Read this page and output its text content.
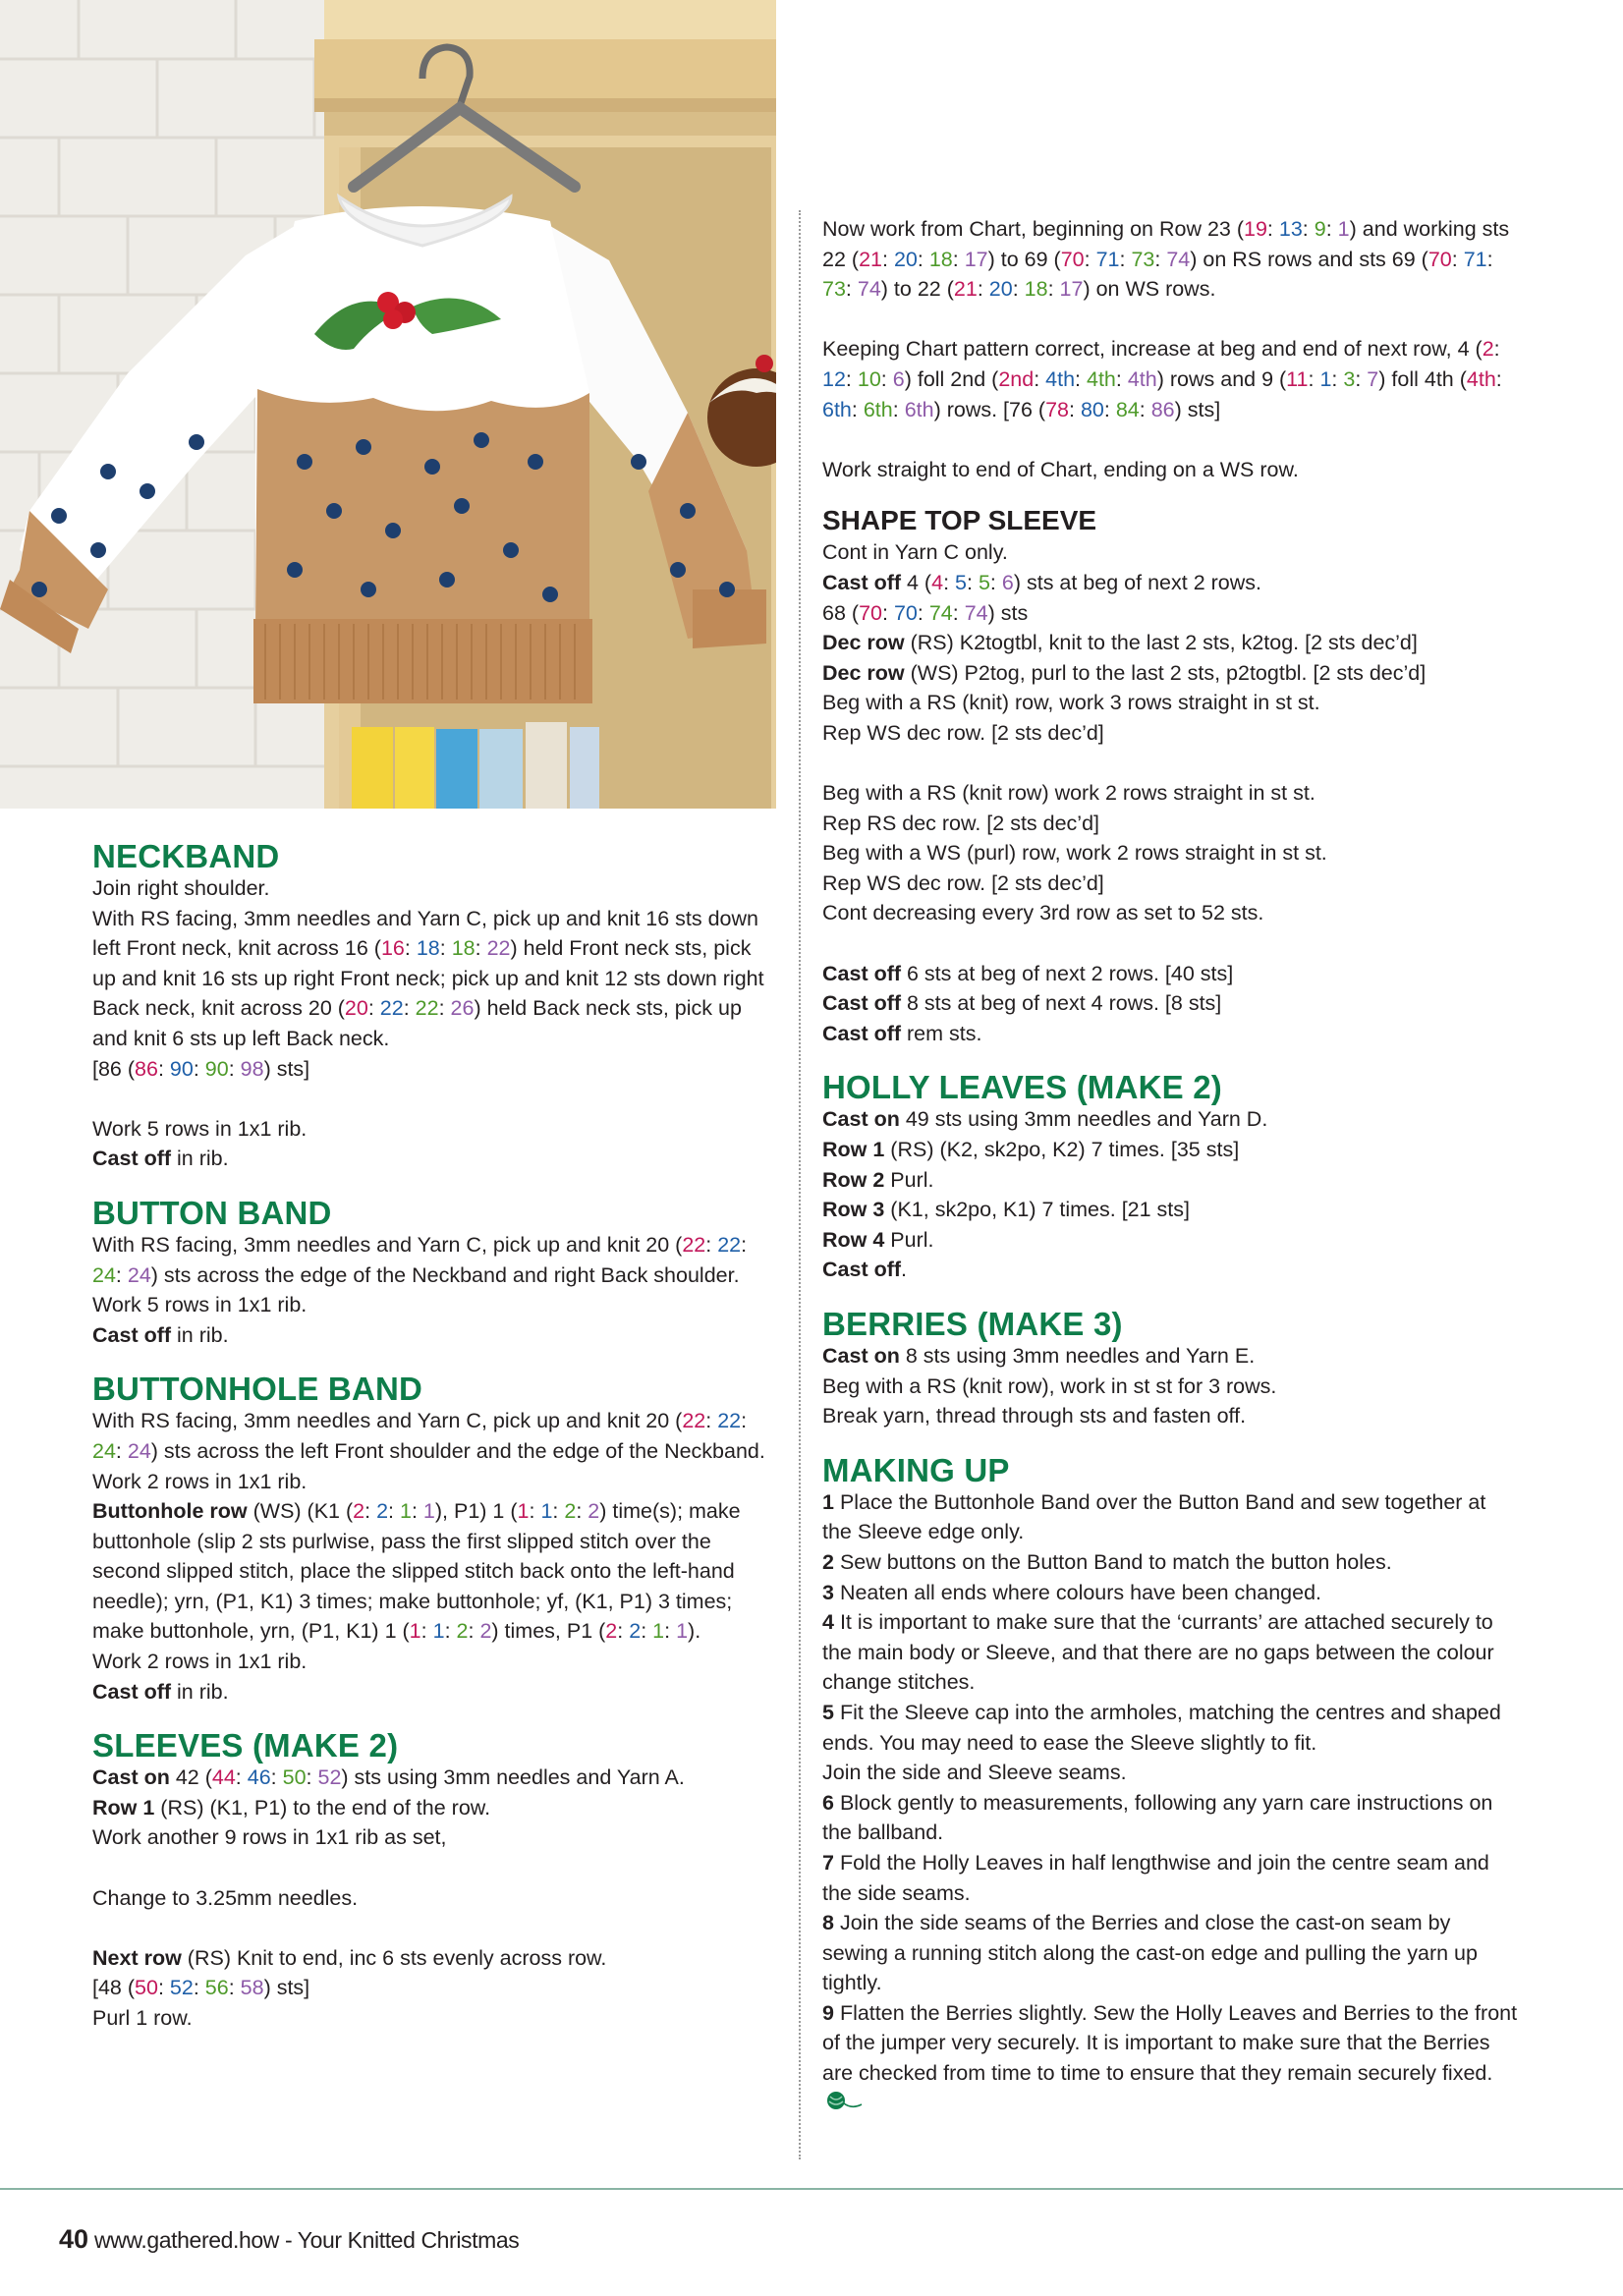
NECKBAND

Join right shoulder.

With RS facing, 3mm needles and Yarn C, pick up and knit 16 sts down left Front neck, knit across 16 (16: 18: 18: 22) held Front neck sts, pick up and knit 16 sts up right Front neck; pick up and knit 12 sts down right Back neck, knit across 20 (20: 22: 22: 26) held Back neck sts, pick up and knit 6 sts up left Back neck.

[86 (86: 90: 90: 98) sts]

Work 5 rows in 1x1 rib.

Cast off in rib.

BUTTON BAND

With RS facing, 3mm needles and Yarn C, pick up and knit 20 (22: 22: 24: 24) sts across the edge of the Neckband and right Back shoulder.

Work 5 rows in 1x1 rib.

Cast off in rib.

BUTTONHOLE BAND

With RS facing, 3mm needles and Yarn C, pick up and knit 20 (22: 22: 24: 24) sts across the left Front shoulder and the edge of the Neckband.

Work 2 rows in 1x1 rib.

Buttonhole row (WS) (K1 (2: 2: 1: 1), P1) 1 (1: 1: 2: 2) time(s); make buttonhole (slip 2 sts purlwise, pass the first slipped stitch over the second slipped stitch, place the slipped stitch back onto the left-hand needle); yrn, (P1, K1) 3 times; make buttonhole; yf, (K1, P1) 3 times; make buttonhole, yrn, (P1, K1) 1 (1: 1: 2: 2) times, P1 (2: 2: 1: 1).

Work 2 rows in 1x1 rib.

Cast off in rib.

SLEEVES (MAKE 2)

Cast on 42 (44: 46: 50: 52) sts using 3mm needles and Yarn A.

Row 1 (RS) (K1, P1) to the end of the row.

Work another 9 rows in 1x1 rib as set,

Change to 3.25mm needles.

Next row (RS) Knit to end, inc 6 sts evenly across row.

[48 (50: 52: 56: 58) sts]

Purl 1 row.

Now work from Chart, beginning on Row 23 (19: 13: 9: 1) and working sts 22 (21: 20: 18: 17) to 69 (70: 71: 73: 74) on RS rows and sts 69 (70: 71: 73: 74) to 22 (21: 20: 18: 17) on WS rows.

Keeping Chart pattern correct, increase at beg and end of next row, 4 (2: 12: 10: 6) foll 2nd (2nd: 4th: 4th: 4th) rows and 9 (11: 1: 3: 7) foll 4th (4th: 6th: 6th: 6th) rows. [76 (78: 80: 84: 86) sts]

Work straight to end of Chart, ending on a WS row.

SHAPE TOP SLEEVE

Cont in Yarn C only.

Cast off 4 (4: 5: 5: 6) sts at beg of next 2 rows.

68 (70: 70: 74: 74) sts

Dec row (RS) K2togtbl, knit to the last 2 sts, k2tog. [2 sts dec’d]

Dec row (WS) P2tog, purl to the last 2 sts, p2togtbl. [2 sts dec’d]

Beg with a RS (knit) row, work 3 rows straight in st st.

Rep WS dec row. [2 sts dec’d]

Beg with a RS (knit row) work 2 rows straight in st st.

Rep RS dec row. [2 sts dec’d]

Beg with a WS (purl) row, work 2 rows straight in st st.

Rep WS dec row. [2 sts dec’d]

Cont decreasing every 3rd row as set to 52 sts.

Cast off 6 sts at beg of next 2 rows. [40 sts]

Cast off 8 sts at beg of next 4 rows. [8 sts]

Cast off rem sts.

HOLLY LEAVES (MAKE 2)

Cast on 49 sts using 3mm needles and Yarn D.

Row 1 (RS) (K2, sk2po, K2) 7 times. [35 sts]

Row 2 Purl.

Row 3 (K1, sk2po, K1) 7 times. [21 sts]

Row 4 Purl.

Cast off.

BERRIES (MAKE 3)

Cast on 8 sts using 3mm needles and Yarn E.

Beg with a RS (knit row), work in st st for 3 rows.

Break yarn, thread through sts and fasten off.

MAKING UP

1 Place the Buttonhole Band over the Button Band and sew together at the Sleeve edge only.

2 Sew buttons on the Button Band to match the button holes.

3 Neaten all ends where colours have been changed.

4 It is important to make sure that the ‘currants’ are attached securely to the main body or Sleeve, and that there are no gaps between the colour change stitches.

5 Fit the Sleeve cap into the armholes, matching the centres and shaped ends. You may need to ease the Sleeve slightly to fit.

Join the side and Sleeve seams.

6 Block gently to measurements, following any yarn care instructions on the ballband.

7 Fold the Holly Leaves in half lengthwise and join the centre seam and the side seams.

8 Join the side seams of the Berries and close the cast-on seam by sewing a running stitch along the cast-on edge and pulling the yarn up tightly.

9 Flatten the Berries slightly. Sew the Holly Leaves and Berries to the front of the jumper very securely. It is important to make sure that the Berries are checked from time to time to ensure that they remain securely fixed.

40 www.gathered.how - Your Knitted Christmas
